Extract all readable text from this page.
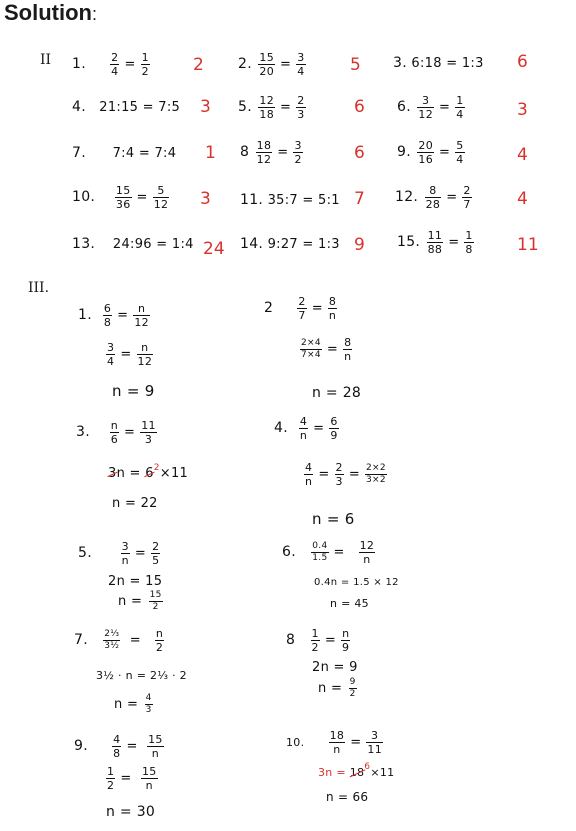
Solution:
II 1. $\frac{2}{4} = \frac{1}{2}$	2 2. $\frac{15}{20} = \frac{3}{4}$	5 3. 6:18 = 1:3 6
4. 21:15 = 7:5 3 5. $\frac{12}{18} = \frac{2}{3}$	6 6. $\frac{3}{12} = \frac{1}{4}$	3
7. 7:4 = 7:4 1 $8 \frac{18}{12} = \frac{3}{2}$	6 9. $\frac{20}{16} = \frac{5}{4}$	4
10. $\frac{15}{36} = \frac{5}{12} 3$ 11. 35:7 = 5:1 7 12. $\frac{8}{28} = \frac{2}{7}$	4
13. 24:96 = 1:4 24 14. 9:27 = 1:3 9 15. $\frac{11}{88} = \frac{1}{8}$	11
III.
1. $\frac{6}{8} = \frac{n}{12}$
$\frac{3}{4} = \frac{n}{12}$
n = 9
$2 \frac{2}{7} = \frac{8}{n}$
$\frac{2\times 4}{7\times 4} = \frac{8}{n}$
n = 28
3. $\frac{n}{6} = \frac{11}{3}$
$3n = 6^2\times 11$
n = 22
4. $\frac{4}{n} = \frac{6}{9}$
$\frac{4}{n} = \frac{2}{3} = \frac{2\times 2}{3\times 2}$
n = 6
5.	$\frac{3}{n} = \frac{2}{5}$
2n = 15
$n = \frac{15}{2}$
6. $\frac{0.4}{1.5} = \frac{12}{n}$
0.4n = 1.5 × 12
n = 45
7. $\frac{\text{2⅓}}{\text{3½}} = \frac{n}{2}$
3½ · n = 2⅓ · 2
$n = \frac{4}{3}$
$8 \frac{1}{2} = \frac{n}{9}$
2n = 9
$n = \frac{9}{2}$
9. $\frac{4}{8} = \frac{15}{n}$
$\frac{1}{2} = \frac{15}{n}$
n = 30
10. $\frac{18}{n} = \frac{3}{11}$
$3n = 18^6\times 11$
n = 66
